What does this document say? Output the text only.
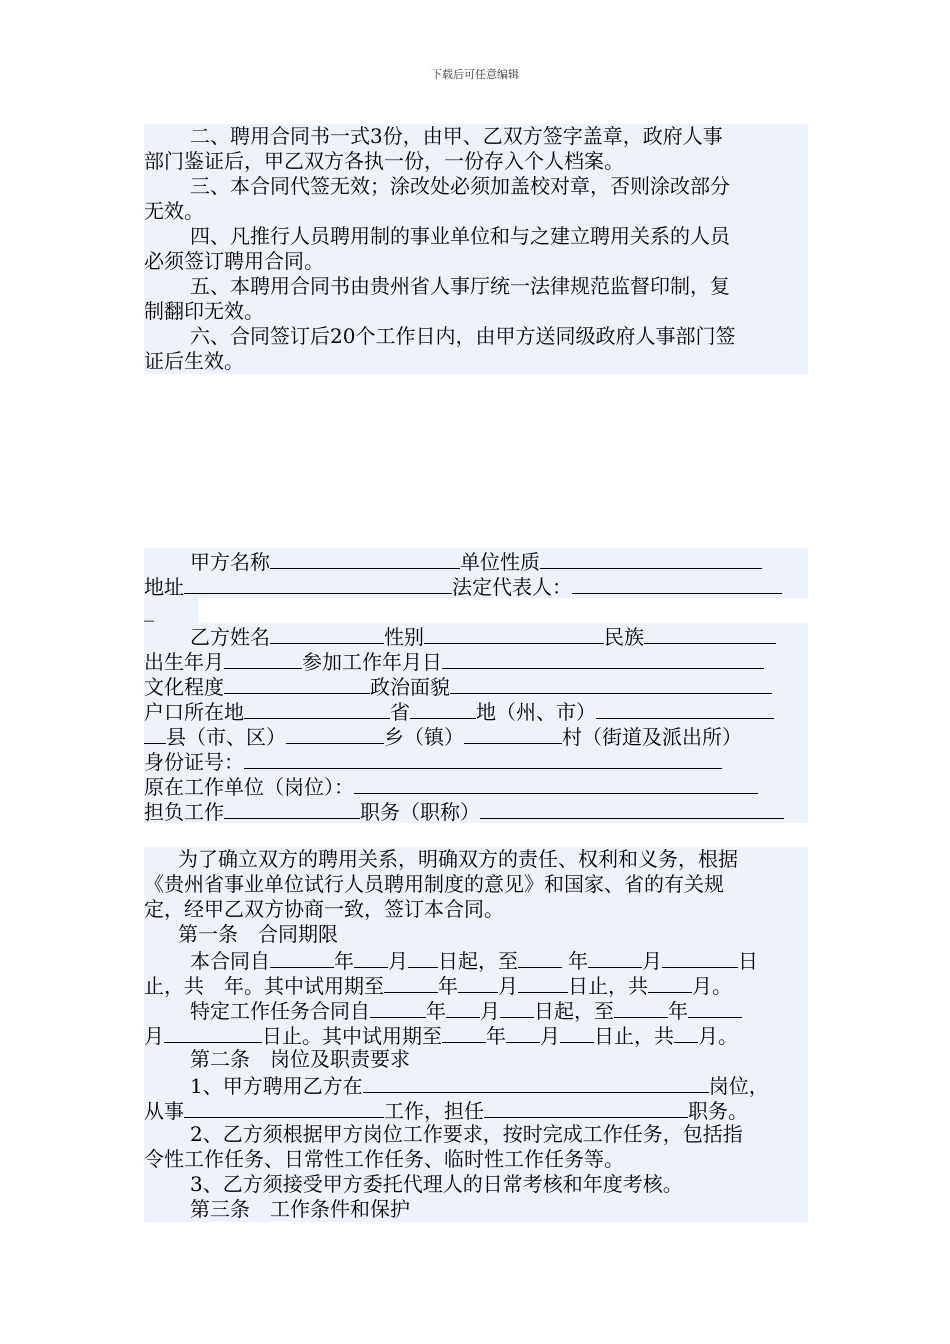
下载后可任意编辑
二、聘用合同书一式3份，由甲、乙双方签字盖章，政府人事
部门鉴证后，甲乙双方各执一份，一份存入个人档案。
三、本合同代签无效；涂改处必须加盖校对章，否则涂改部分
无效。
四、凡推行人员聘用制的事业单位和与之建立聘用关系的人员
必须签订聘用合同。
五、本聘用合同书由贵州省人事厅统一法律规范监督印制，复
制翻印无效。
六、合同签订后20个工作日内，由甲方送同级政府人事部门签
证后生效。
甲方名称	单位性质
地址	法定代表人：
_
乙方姓名	性别	民族
出生年月	参加工作年月日
文化程度	政治面貌
户口所在地	省	地（州、市）
县（市、区）	乡（镇）	村（街道及派出所）
身份证号：
原在工作单位（岗位）：
担负工作	职务（职称）
为了确立双方的聘用关系，明确双方的责任、权利和义务，根据
《贵州省事业单位试行人员聘用制度的意见》和国家、省的有关规
定，经甲乙双方协商一致，签订本合同。
第一条　合同期限
本合同自	年 月 日起，至	年	月	日
止，共　年。其中试用期至	年 月	日止，共 月。
特定工作任务合同自	年 月 日起，至	年
月	日止。其中试用期至 年 月 日止，共 月。
第二条　岗位及职责要求
1、甲方聘用乙方在	岗位，
从事	工作，担任	职务。
2、乙方须根据甲方岗位工作要求，按时完成工作任务，包括指
令性工作任务、日常性工作任务、临时性工作任务等。
3、乙方须接受甲方委托代理人的日常考核和年度考核。
第三条　工作条件和保护
